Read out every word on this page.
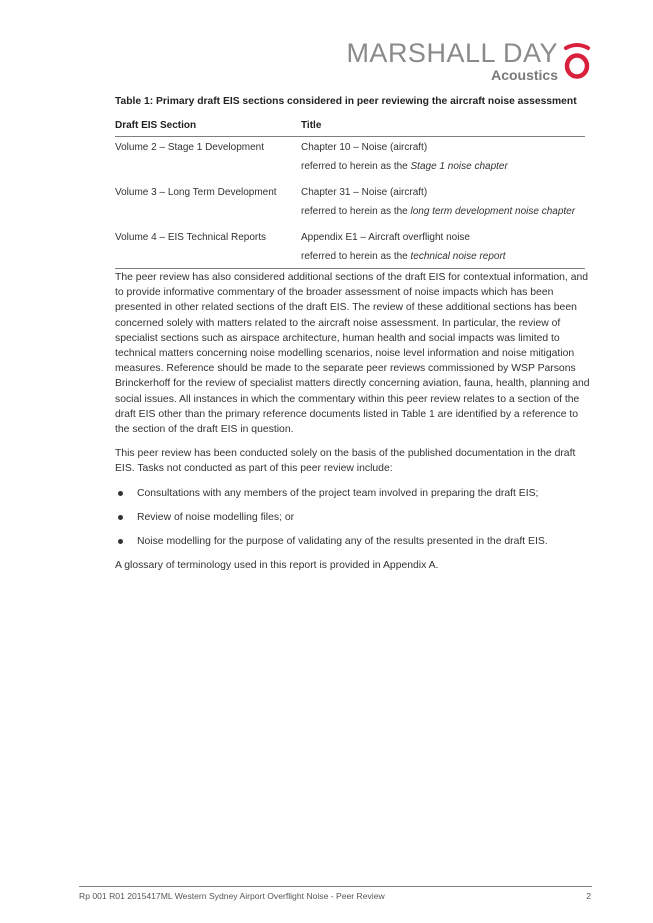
MARSHALL DAY
Acoustics
Table 1: Primary draft EIS sections considered in peer reviewing the aircraft noise assessment
Draft EIS Section	Title

Volume 2 – Stage 1 Development	Chapter 10 – Noise (aircraft)
referred to herein as the Stage 1 noise chapter

Volume 3 – Long Term Development	Chapter 31 – Noise (aircraft)
referred to herein as the long term development noise chapter

Volume 4 – EIS Technical Reports	Appendix E1 – Aircraft overflight noise
referred to herein as the technical noise report

The peer review has also considered additional sections of the draft EIS for contextual information, and to provide informative commentary of the broader assessment of noise impacts which has been presented in other related sections of the draft EIS. The review of these additional sections has been concerned solely with matters related to the aircraft noise assessment. In particular, the review of specialist sections such as airspace architecture, human health and social impacts was limited to technical matters concerning noise modelling scenarios, noise level information and noise mitigation measures. Reference should be made to the separate peer reviews commissioned by WSP Parsons Brinckerhoff for the review of specialist matters directly concerning aviation, fauna, health, planning and social issues. All instances in which the commentary within this peer review relates to a section of the draft EIS other than the primary reference documents listed in Table 1 are identified by a reference to the section of the draft EIS in question.

This peer review has been conducted solely on the basis of the published documentation in the draft EIS. Tasks not conducted as part of this peer review include:

Consultations with any members of the project team involved in preparing the draft EIS;
Review of noise modelling files; or
Noise modelling for the purpose of validating any of the results presented in the draft EIS.

A glossary of terminology used in this report is provided in Appendix A.

Rp 001 R01 2015417ML Western Sydney Airport Overflight Noise - Peer Review	2
